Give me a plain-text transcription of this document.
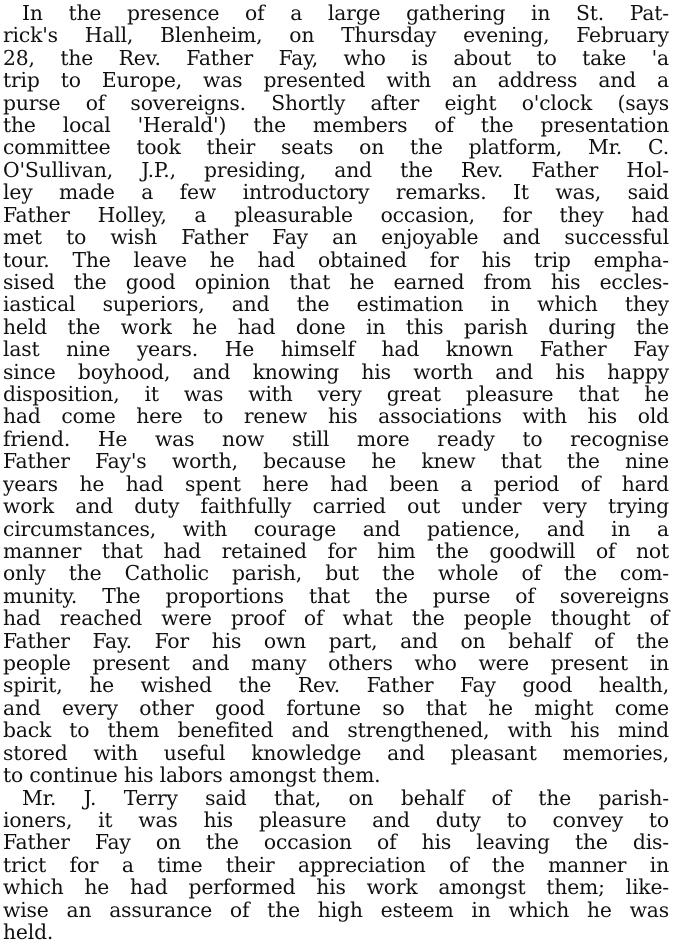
In the presence of a large gathering in St. Pat-
rick's Hall, Blenheim, on Thursday evening, February
28, the Rev. Father Fay, who is about to take 'a
trip to Europe, was presented with an address and a
purse of sovereigns. Shortly after eight o'clock (says
the local 'Herald') the members of the presentation
committee took their seats on the platform, Mr. C.
O'Sullivan, J.P., presiding, and the Rev. Father Hol-
ley made a few introductory remarks. It was, said
Father Holley, a pleasurable occasion, for they had
met to wish Father Fay an enjoyable and successful
tour. The leave he had obtained for his trip empha-
sised the good opinion that he earned from his eccles-
iastical superiors, and the estimation in which they
held the work he had done in this parish during the
last nine years. He himself had known Father Fay
since boyhood, and knowing his worth and his happy
disposition, it was with very great pleasure that he
had come here to renew his associations with his old
friend. He was now still more ready to recognise
Father Fay's worth, because he knew that the nine
years he had spent here had been a period of hard
work and duty faithfully carried out under very trying
circumstances, with courage and patience, and in a
manner that had retained for him the goodwill of not
only the Catholic parish, but the whole of the com-
munity. The proportions that the purse of sovereigns
had reached were proof of what the people thought of
Father Fay. For his own part, and on behalf of the
people present and many others who were present in
spirit, he wished the Rev. Father Fay good health,
and every other good fortune so that he might come
back to them benefited and strengthened, with his mind
stored with useful knowledge and pleasant memories,
to continue his labors amongst them.
Mr. J. Terry said that, on behalf of the parish-
ioners, it was his pleasure and duty to convey to
Father Fay on the occasion of his leaving the dis-
trict for a time their appreciation of the manner in
which he had performed his work amongst them; like-
wise an assurance of the high esteem in which he was
held.
